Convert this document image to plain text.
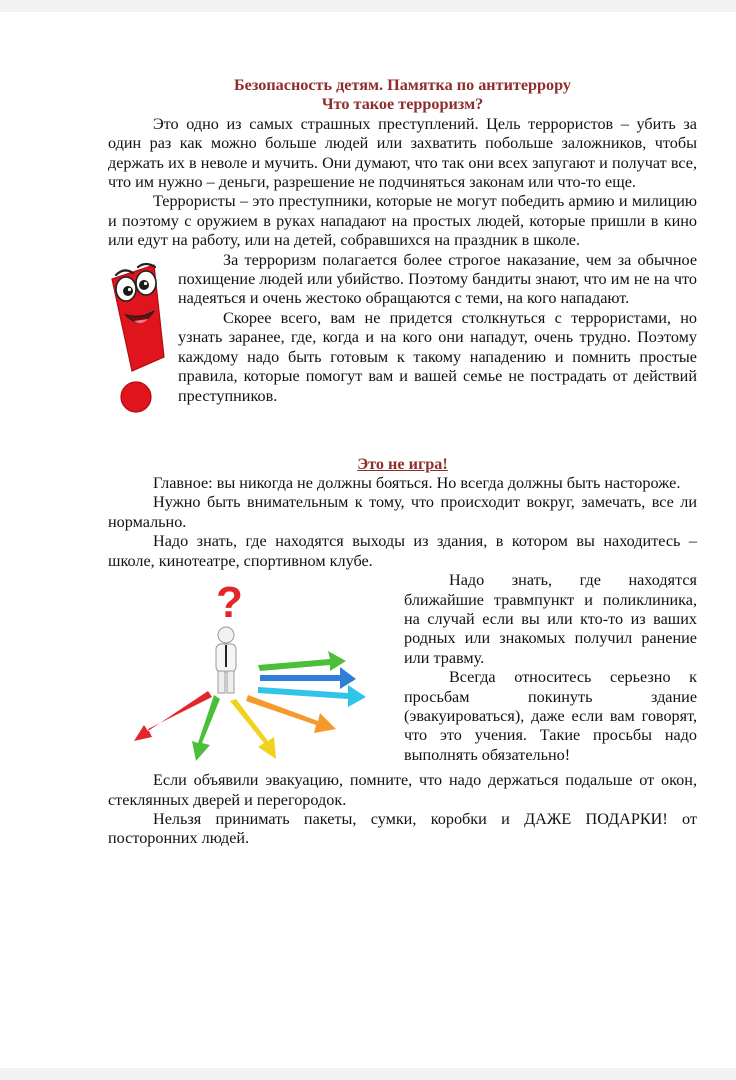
Безопасность детям. Памятка по антитеррору
Что такое терроризм?

Это одно из самых страшных преступлений. Цель террористов – убить за один раз как можно больше людей или захватить побольше заложников, чтобы держать их в неволе и мучить. Они думают, что так они всех запугают и получат все, что им нужно – деньги, разрешение не подчиняться законам или что-то еще.

Террористы – это преступники, которые не могут победить армию и милицию и поэтому с оружием в руках нападают на простых людей, которые пришли в кино или едут на работу, или на детей, собравшихся на праздник в школе.

За терроризм полагается более строгое наказание, чем за обычное похищение людей или убийство. Поэтому бандиты знают, что им не на что надеяться и очень жестоко обращаются с теми, на кого нападают.

Скорее всего, вам не придется столкнуться с террористами, но узнать заранее, где, когда и на кого они нападут, очень трудно. Поэтому каждому надо быть готовым к такому нападению и помнить простые правила, которые помогут вам и вашей семье не пострадать от действий преступников.

Это не игра!

Главное: вы никогда не должны бояться. Но всегда должны быть настороже.

Нужно быть внимательным к тому, что происходит вокруг, замечать, все ли нормально.

Надо знать, где находятся выходы из здания, в котором вы находитесь – школе, кинотеатре, спортивном клубе.

?	Надо знать, где находятся ближайшие травмпункт и поликлиника, на случай если вы или кто-то из ваших родных или знакомых получил ранение или травму.

Всегда относитесь серьезно к просьбам покинуть здание (эвакуироваться), даже если вам говорят, что это учения. Такие просьбы надо выполнять обязательно!

Если объявили эвакуацию, помните, что надо держаться подальше от окон, стеклянных дверей и перегородок.

Нельзя принимать пакеты, сумки, коробки и ДАЖЕ ПОДАРКИ! от посторонних людей.
